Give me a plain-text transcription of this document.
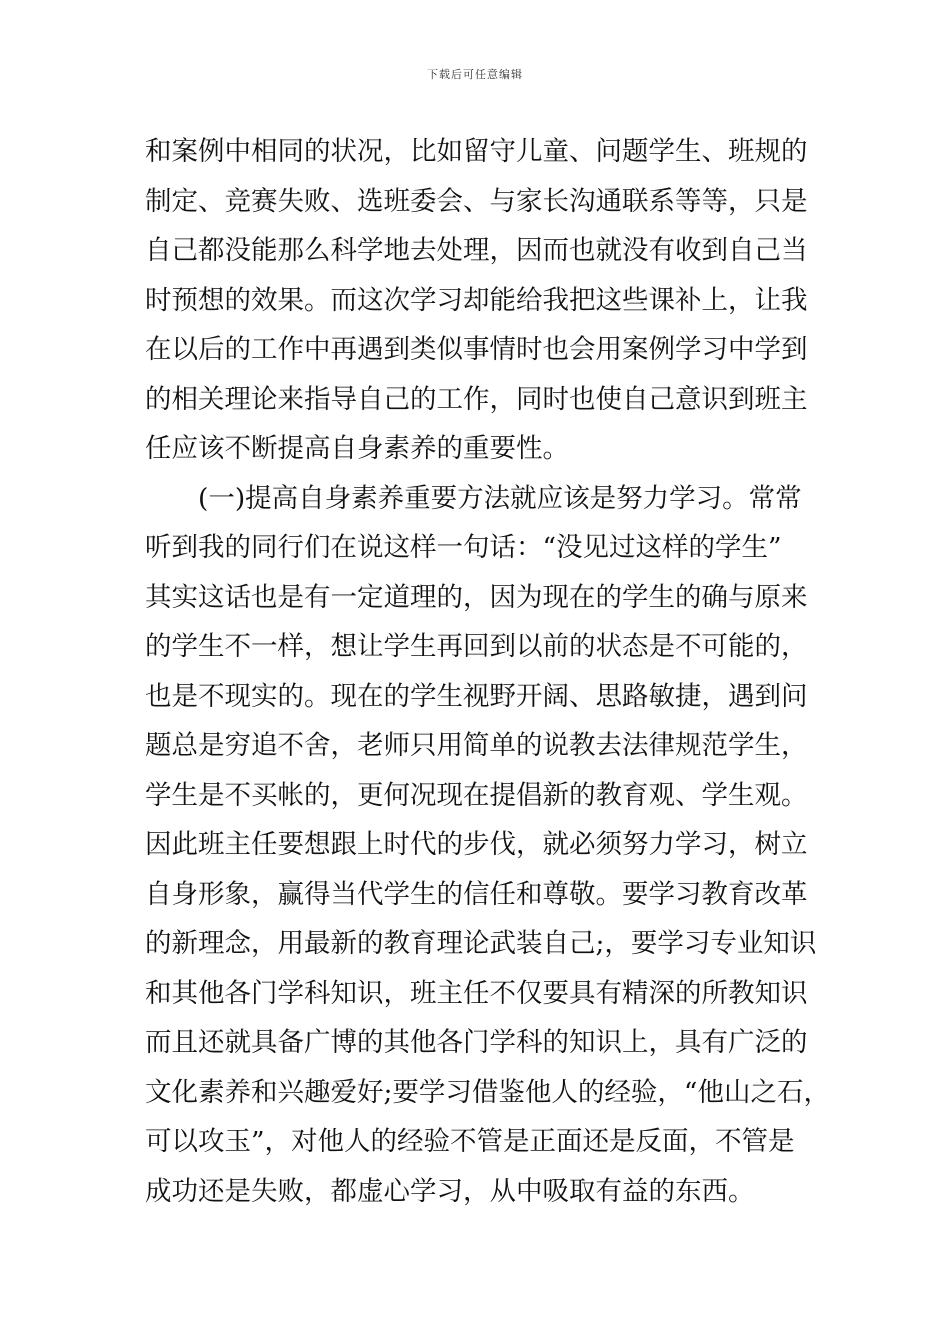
下载后可任意编辑
和案例中相同的状况，比如留守儿童、问题学生、班规的
制定、竞赛失败、选班委会、与家长沟通联系等等，只是
自己都没能那么科学地去处理，因而也就没有收到自己当
时预想的效果。而这次学习却能给我把这些课补上，让我
在以后的工作中再遇到类似事情时也会用案例学习中学到
的相关理论来指导自己的工作，同时也使自己意识到班主
任应该不断提高自身素养的重要性。
　　(一)提高自身素养重要方法就应该是努力学习。常常
听到我的同行们在说这样一句话：“没见过这样的学生”
其实这话也是有一定道理的，因为现在的学生的确与原来
的学生不一样，想让学生再回到以前的状态是不可能的，
也是不现实的。现在的学生视野开阔、思路敏捷，遇到问
题总是穷追不舍，老师只用简单的说教去法律规范学生，
学生是不买帐的，更何况现在提倡新的教育观、学生观。
因此班主任要想跟上时代的步伐，就必须努力学习，树立
自身形象，赢得当代学生的信任和尊敬。要学习教育改革
的新理念，用最新的教育理论武装自己;，要学习专业知识
和其他各门学科知识，班主任不仅要具有精深的所教知识
而且还就具备广博的其他各门学科的知识上，具有广泛的
文化素养和兴趣爱好;要学习借鉴他人的经验，“他山之石，
可以攻玉”，对他人的经验不管是正面还是反面，不管是
成功还是失败，都虚心学习，从中吸取有益的东西。
